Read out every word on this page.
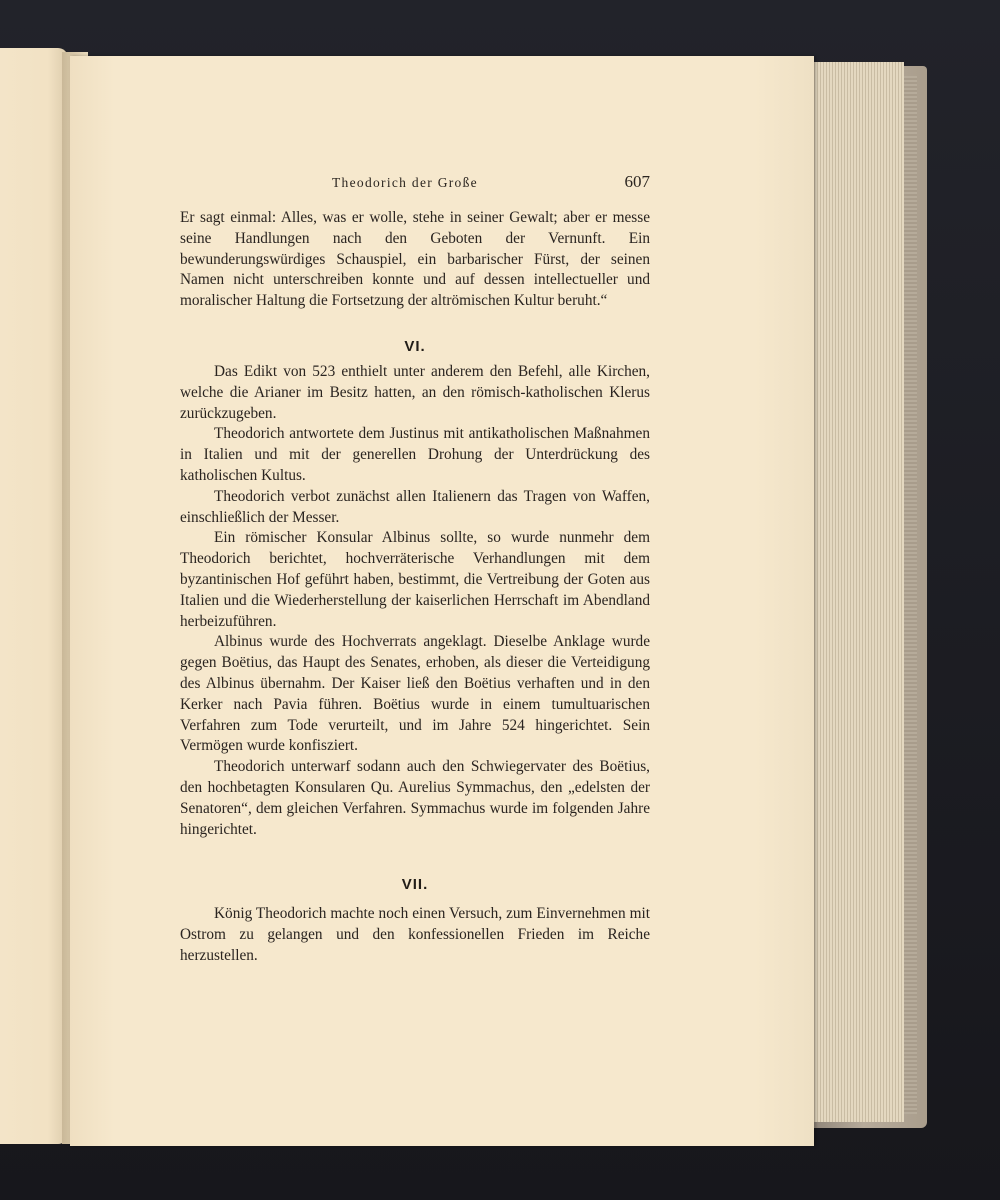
Theodorich der Große	607

Er sagt einmal: Alles, was er wolle, stehe in seiner Gewalt; aber er messe seine Handlungen nach den Geboten der Vernunft. Ein bewunderungswürdiges Schauspiel, ein barbarischer Fürst, der seinen Namen nicht unterschreiben konnte und auf dessen intellectueller und moralischer Haltung die Fortsetzung der altrömischen Kultur beruht.“

VI.

Das Edikt von 523 enthielt unter anderem den Befehl, alle Kirchen, welche die Arianer im Besitz hatten, an den römisch-katholischen Klerus zurückzugeben.

Theodorich antwortete dem Justinus mit antikatholischen Maßnahmen in Italien und mit der generellen Drohung der Unterdrückung des katholischen Kultus.

Theodorich verbot zunächst allen Italienern das Tragen von Waffen, einschließlich der Messer.

Ein römischer Konsular Albinus sollte, so wurde nunmehr dem Theodorich berichtet, hochverräterische Verhandlungen mit dem byzantinischen Hof geführt haben, bestimmt, die Vertreibung der Goten aus Italien und die Wiederherstellung der kaiserlichen Herrschaft im Abendland herbeizuführen.

Albinus wurde des Hochverrats angeklagt. Dieselbe Anklage wurde gegen Boëtius, das Haupt des Senates, erhoben, als dieser die Verteidigung des Albinus übernahm. Der Kaiser ließ den Boëtius verhaften und in den Kerker nach Pavia führen. Boëtius wurde in einem tumultuarischen Verfahren zum Tode verurteilt, und im Jahre 524 hingerichtet. Sein Vermögen wurde konfisziert.

Theodorich unterwarf sodann auch den Schwiegervater des Boëtius, den hochbetagten Konsularen Qu. Aurelius Symmachus, den „edelsten der Senatoren“, dem gleichen Verfahren. Symmachus wurde im folgenden Jahre hingerichtet.

VII.

König Theodorich machte noch einen Versuch, zum Einvernehmen mit Ostrom zu gelangen und den konfessionellen Frieden im Reiche herzustellen.
